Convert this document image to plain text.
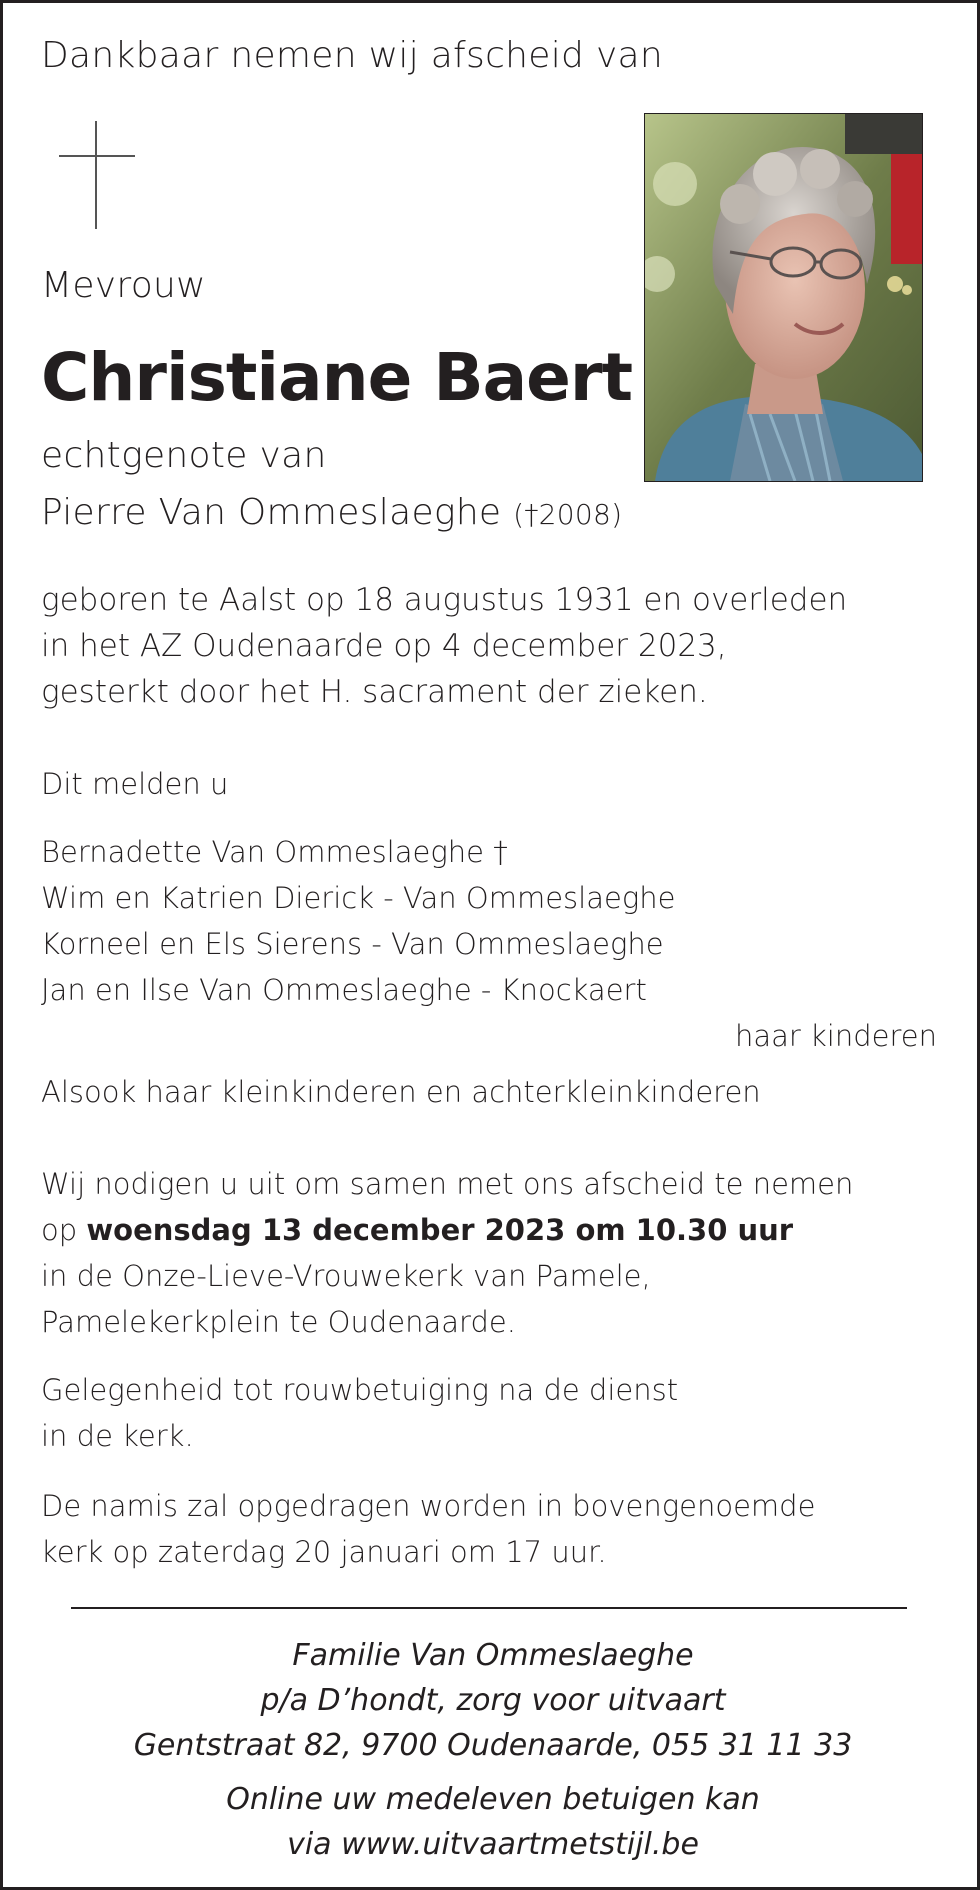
Dankbaar nemen wij afscheid van

Mevrouw

Christiane Baert

echtgenote van

Pierre Van Ommeslaeghe (†2008)

geboren te Aalst op 18 augustus 1931 en overleden
in het AZ Oudenaarde op 4 december 2023,
gesterkt door het H. sacrament der zieken.

Dit melden u

Bernadette Van Ommeslaeghe †
Wim en Katrien Dierick - Van Ommeslaeghe
Korneel en Els Sierens - Van Ommeslaeghe
Jan en Ilse Van Ommeslaeghe - Knockaert

haar kinderen

Alsook haar kleinkinderen en achterkleinkinderen

Wij nodigen u uit om samen met ons afscheid te nemen
op woensdag 13 december 2023 om 10.30 uur
in de Onze-Lieve-Vrouwekerk van Pamele,
Pamelekerkplein te Oudenaarde.
Gelegenheid tot rouwbetuiging na de dienst
in de kerk.
De namis zal opgedragen worden in bovengenoemde
kerk op zaterdag 20 januari om 17 uur.
Familie Van Ommeslaeghe
p/a D’hondt, zorg voor uitvaart
Gentstraat 82, 9700 Oudenaarde, 055 31 11 33
Online uw medeleven betuigen kan
via www.uitvaartmetstijl.be
